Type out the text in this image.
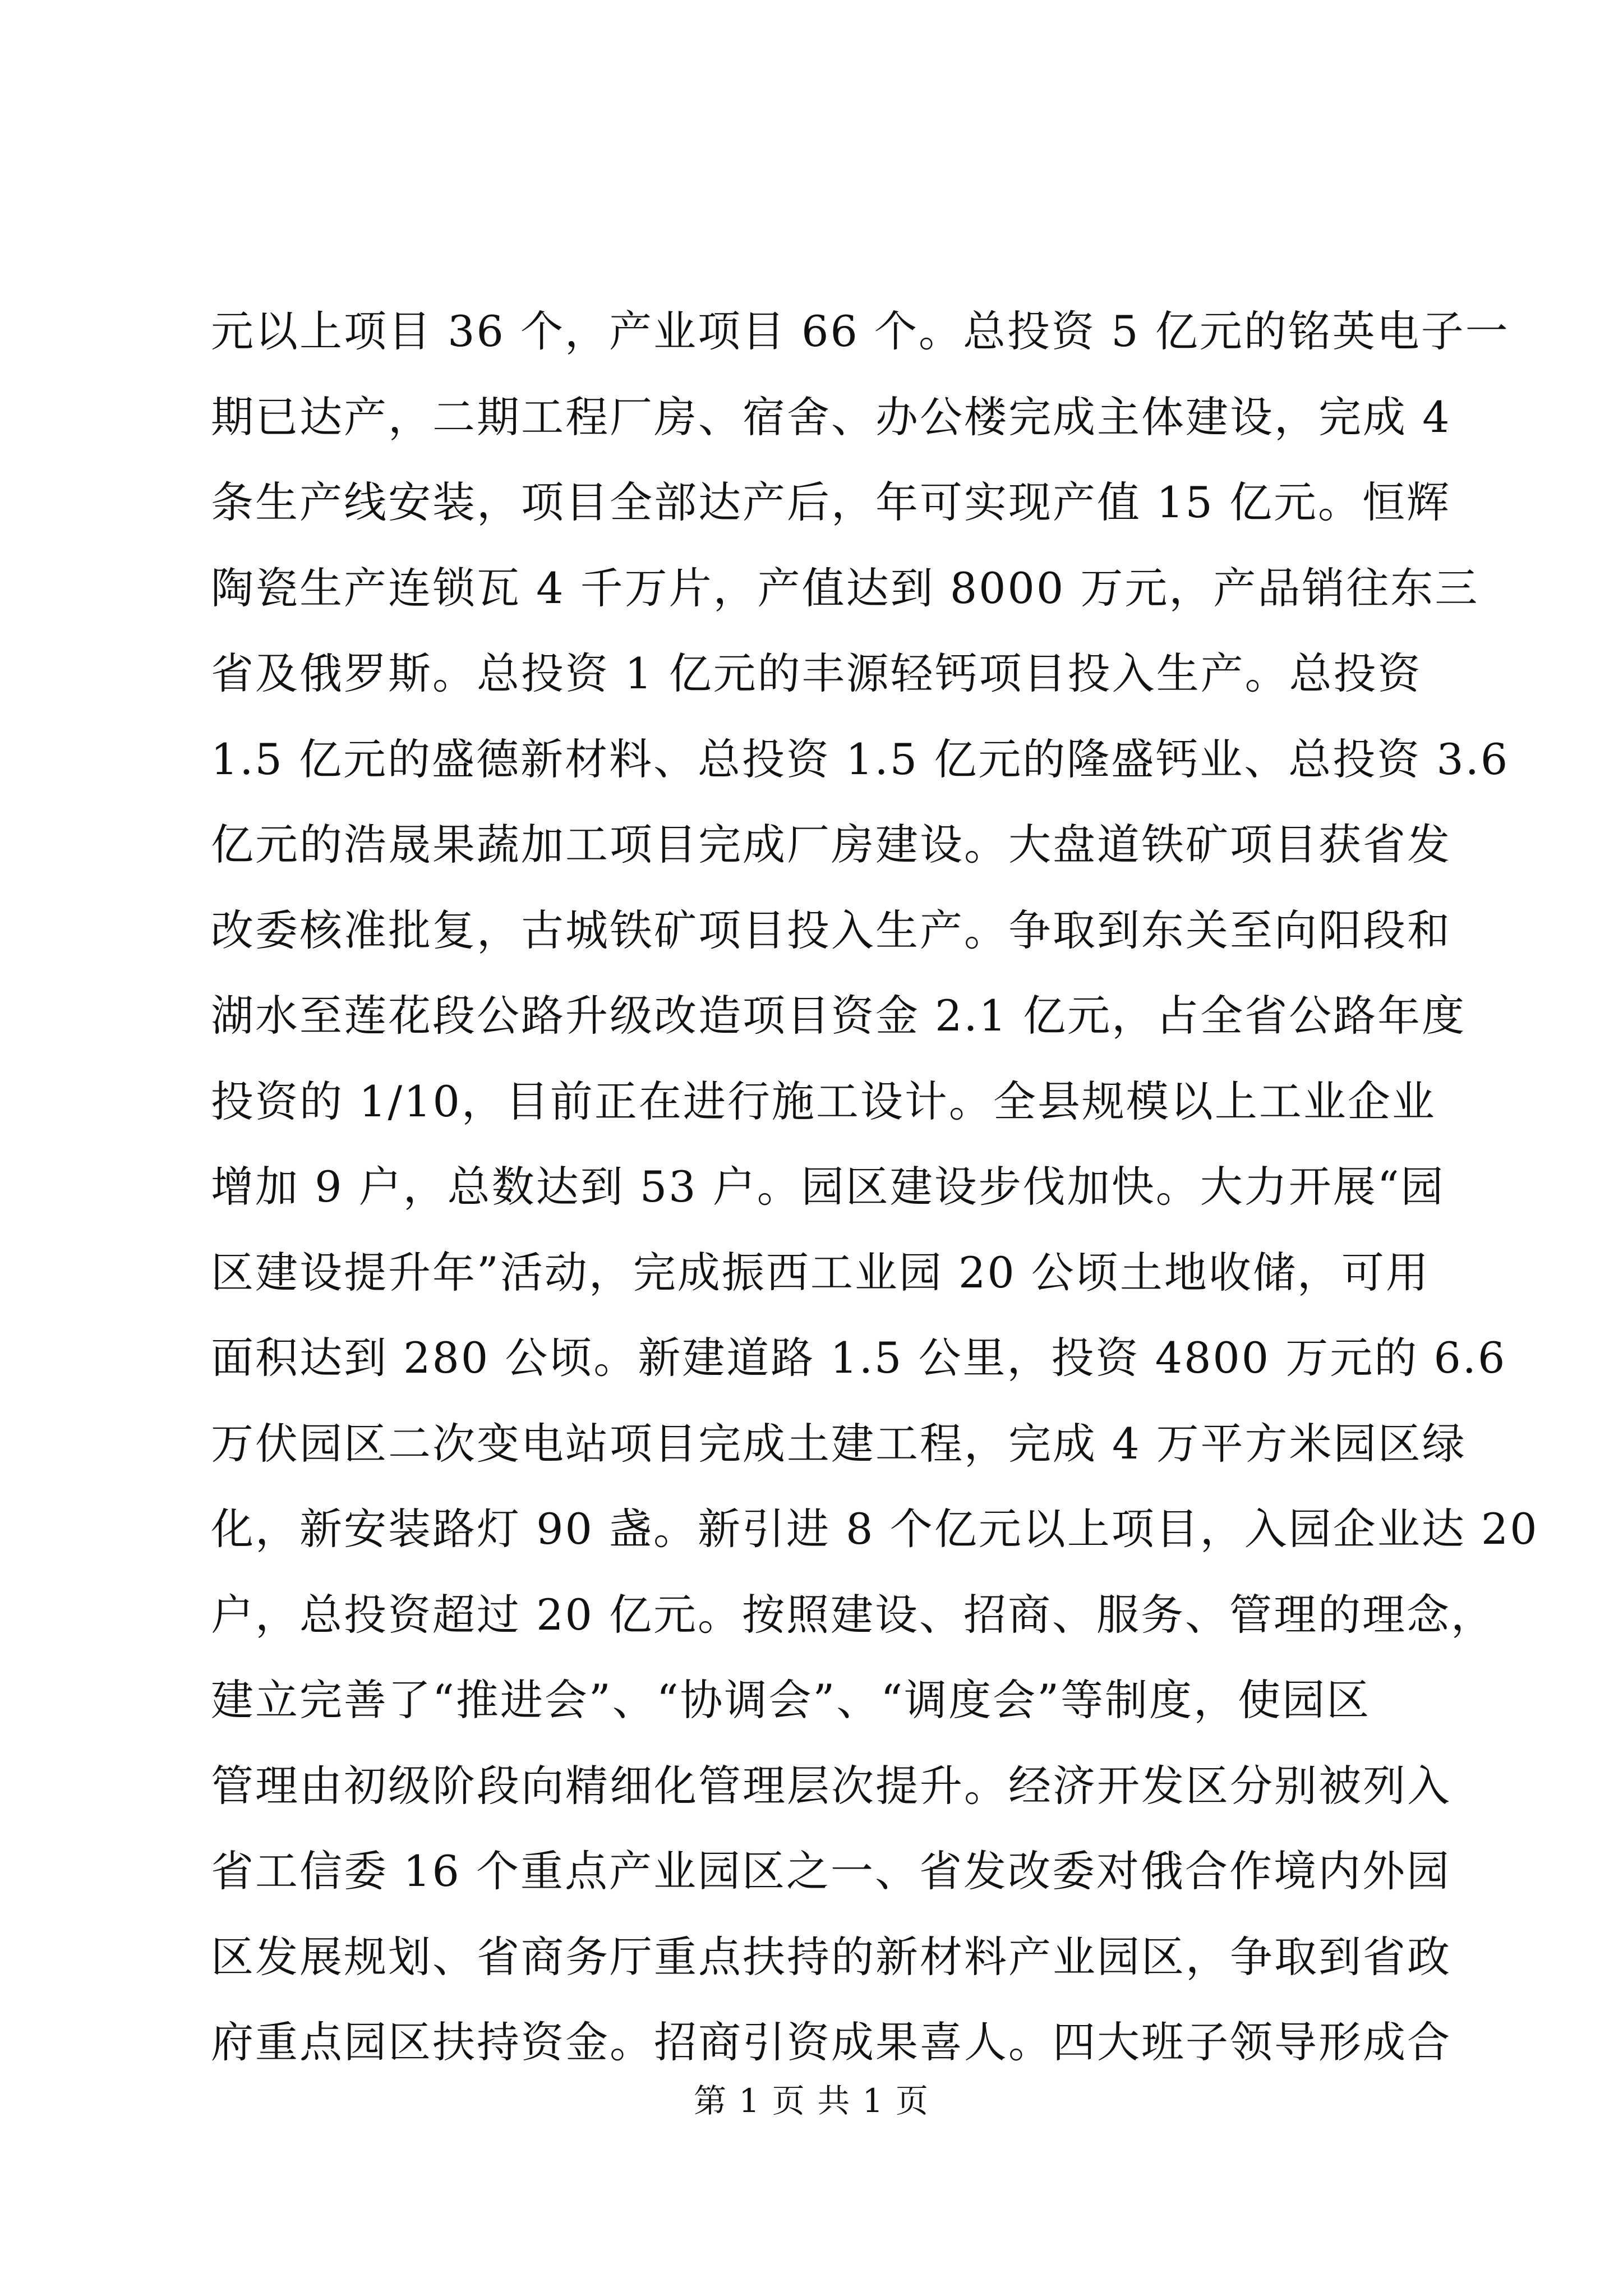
元以上项目 36 个，产业项目 66 个。总投资 5 亿元的铭英电子一
期已达产，二期工程厂房、宿舍、办公楼完成主体建设，完成 4
条生产线安装，项目全部达产后，年可实现产值 15 亿元。恒辉
陶瓷生产连锁瓦 4 千万片，产值达到 8000 万元，产品销往东三
省及俄罗斯。总投资 1 亿元的丰源轻钙项目投入生产。总投资
1.5 亿元的盛德新材料、总投资 1.5 亿元的隆盛钙业、总投资 3.6
亿元的浩晟果蔬加工项目完成厂房建设。大盘道铁矿项目获省发
改委核准批复，古城铁矿项目投入生产。争取到东关至向阳段和
湖水至莲花段公路升级改造项目资金 2.1 亿元，占全省公路年度
投资的 1/10，目前正在进行施工设计。全县规模以上工业企业
增加 9 户，总数达到 53 户。园区建设步伐加快。大力开展“园
区建设提升年”活动，完成振西工业园 20 公顷土地收储，可用
面积达到 280 公顷。新建道路 1.5 公里，投资 4800 万元的 6.6
万伏园区二次变电站项目完成土建工程，完成 4 万平方米园区绿
化，新安装路灯 90 盏。新引进 8 个亿元以上项目，入园企业达 20
户，总投资超过 20 亿元。按照建设、招商、服务、管理的理念，
建立完善了“推进会”、“协调会”、“调度会”等制度，使园区
管理由初级阶段向精细化管理层次提升。经济开发区分别被列入
省工信委 16 个重点产业园区之一、省发改委对俄合作境内外园
区发展规划、省商务厅重点扶持的新材料产业园区，争取到省政
府重点园区扶持资金。招商引资成果喜人。四大班子领导形成合
第 1 页 共 1 页
